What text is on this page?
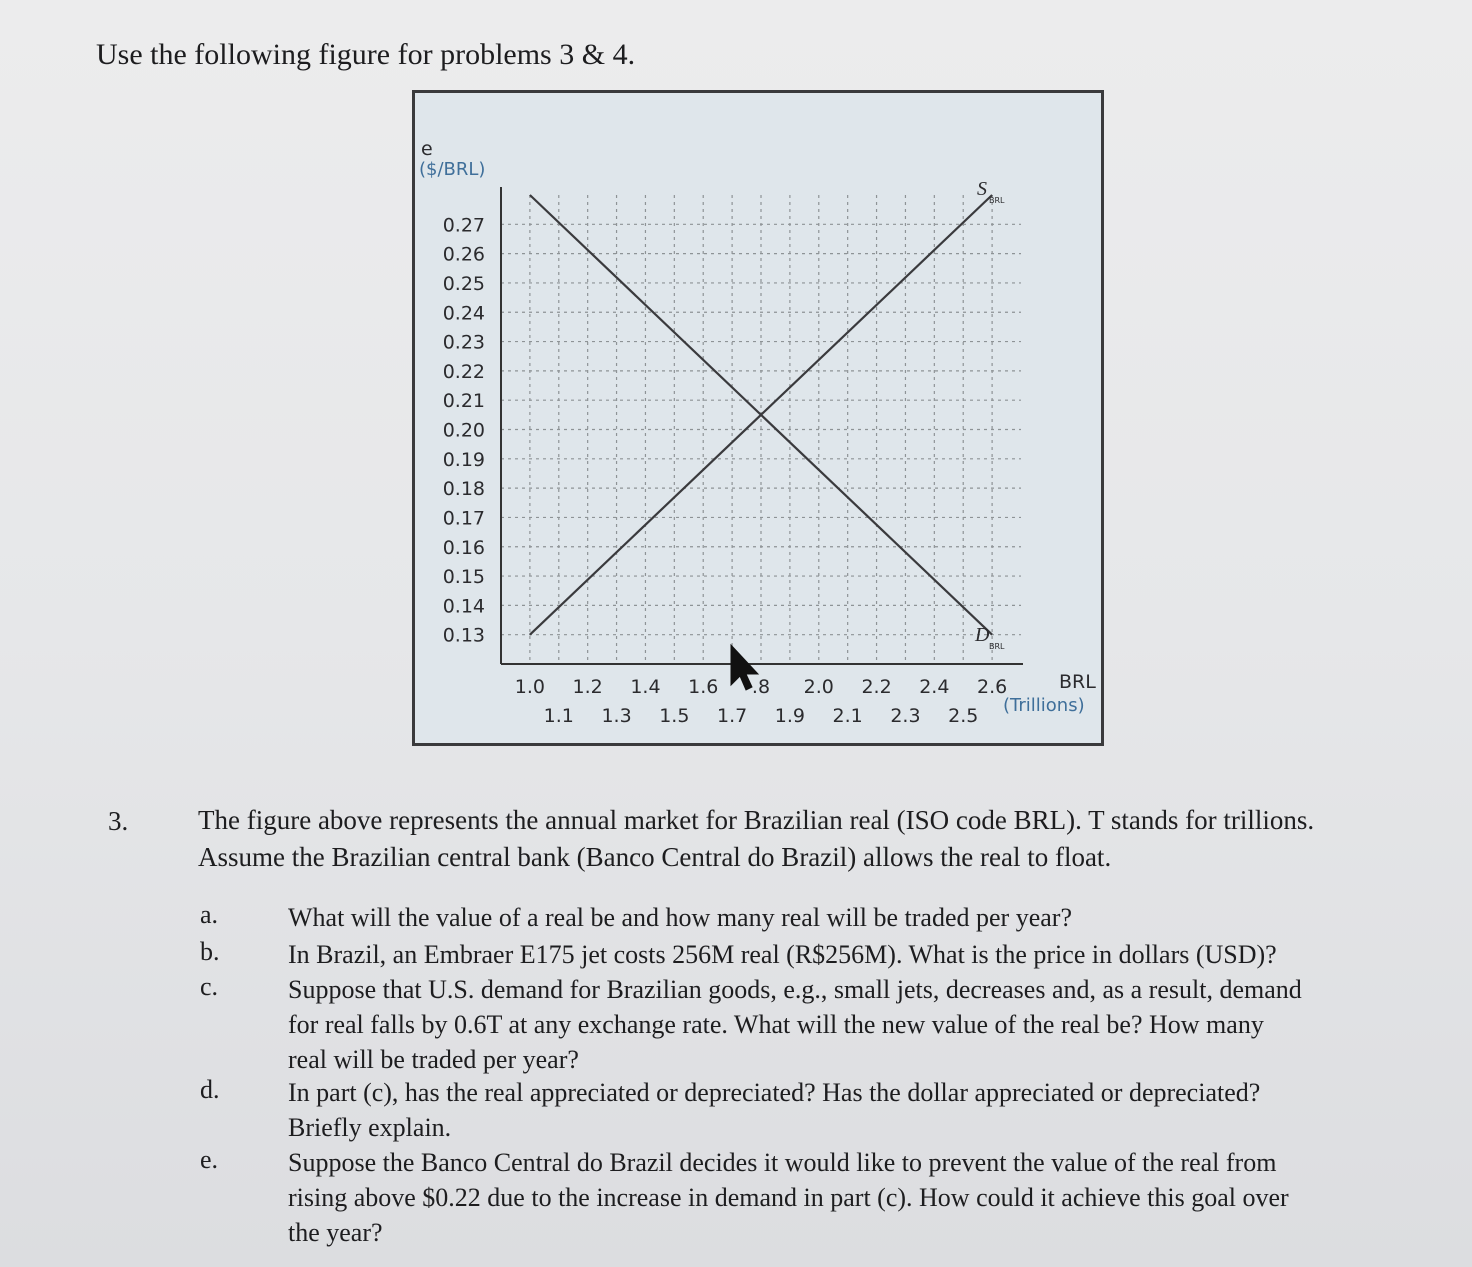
Use the following figure for problems 3 & 4.
0.27
0.26
0.25
0.24
0.23
0.22
0.21
0.20
0.19
0.18
0.17
0.16
0.15
0.14
0.13
1.0 1.2 1.4 1.6 .8 2.0 2.2 2.4 2.6
1.1 1.3 1.5 1.7 1.9 2.1 2.3 2.5
e
($/BRL)
BRL
(Trillions)
S
BRL
D
BRL
3.	The figure above represents the annual market for Brazilian real (ISO code BRL). T stands for trillions.
Assume the Brazilian central bank (Banco Central do Brazil) allows the real to float.
a.	What will the value of a real be and how many real will be traded per year?
b.	In Brazil, an Embraer E175 jet costs 256M real (R$256M). What is the price in dollars (USD)?
c.	Suppose that U.S. demand for Brazilian goods, e.g., small jets, decreases and, as a result, demand
for real falls by 0.6T at any exchange rate. What will the new value of the real be? How many
real will be traded per year?
d.	In part (c), has the real appreciated or depreciated? Has the dollar appreciated or depreciated?
Briefly explain.
e.	Suppose the Banco Central do Brazil decides it would like to prevent the value of the real from
rising above $0.22 due to the increase in demand in part (c). How could it achieve this goal over
the year?
